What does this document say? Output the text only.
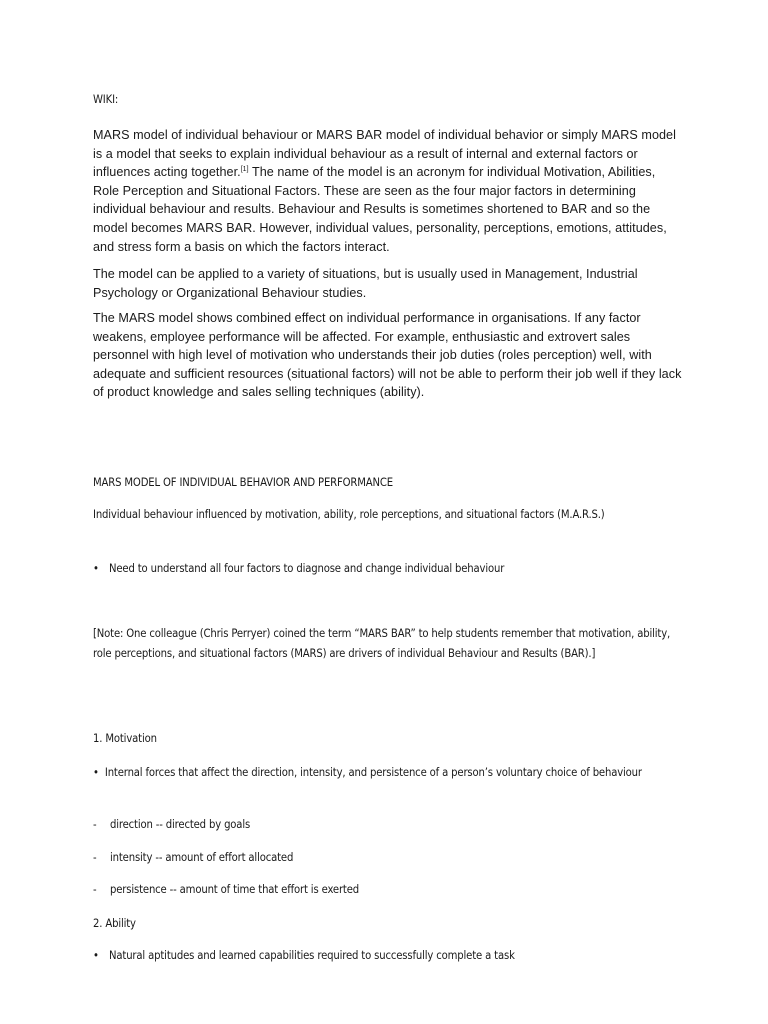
WIKI:

MARS model of individual behaviour or MARS BAR model of individual behavior or simply MARS model is a model that seeks to explain individual behaviour as a result of internal and external factors or influences acting together.[1] The name of the model is an acronym for individual Motivation, Abilities, Role Perception and Situational Factors. These are seen as the four major factors in determining individual behaviour and results. Behaviour and Results is sometimes shortened to BAR and so the model becomes MARS BAR. However, individual values, personality, perceptions, emotions, attitudes, and stress form a basis on which the factors interact.

The model can be applied to a variety of situations, but is usually used in Management, Industrial Psychology or Organizational Behaviour studies.

The MARS model shows combined effect on individual performance in organisations. If any factor weakens, employee performance will be affected. For example, enthusiastic and extrovert sales personnel with high level of motivation who understands their job duties (roles perception) well, with adequate and sufficient resources (situational factors) will not be able to perform their job well if they lack of product knowledge and sales selling techniques (ability).

MARS MODEL OF INDIVIDUAL BEHAVIOR AND PERFORMANCE

Individual behaviour influenced by motivation, ability, role perceptions, and situational factors (M.A.R.S.)

• Need to understand all four factors to diagnose and change individual behaviour

[Note: One colleague (Chris Perryer) coined the term “MARS BAR” to help students remember that motivation, ability, role perceptions, and situational factors (MARS) are drivers of individual Behaviour and Results (BAR).]

1. Motivation

• Internal forces that affect the direction, intensity, and persistence of a person’s voluntary choice of behaviour
-	direction -- directed by goals
-	intensity -- amount of effort allocated
-	persistence -- amount of time that effort is exerted

2. Ability

• Natural aptitudes and learned capabilities required to successfully complete a task
